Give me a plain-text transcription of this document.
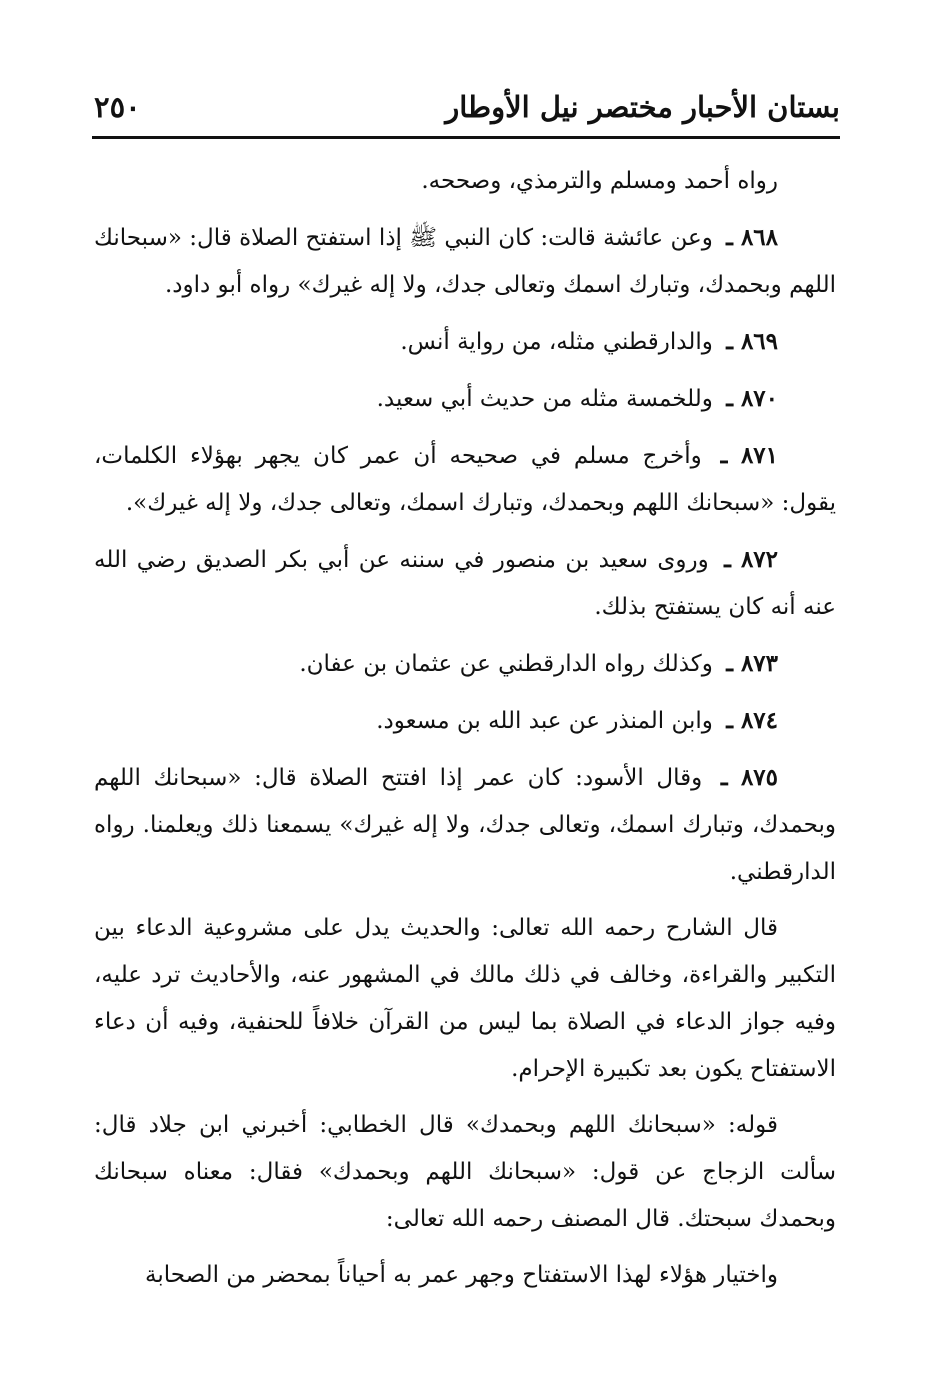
بستان الأحبار مختصر نيل الأوطار
٢٥٠

رواه أحمد ومسلم والترمذي، وصححه.

٨٦٨ ـ وعن عائشة قالت: كان النبي ﷺ إذا استفتح الصلاة قال: «سبحانك اللهم وبحمدك، وتبارك اسمك وتعالى جدك، ولا إله غيرك» رواه أبو داود.

٨٦٩ ـ والدارقطني مثله، من رواية أنس.

٨٧٠ ـ وللخمسة مثله من حديث أبي سعيد.

٨٧١ ـ وأخرج مسلم في صحيحه أن عمر كان يجهر بهؤلاء الكلمات، يقول: «سبحانك اللهم وبحمدك، وتبارك اسمك، وتعالى جدك، ولا إله غيرك».

٨٧٢ ـ وروى سعيد بن منصور في سننه عن أبي بكر الصديق رضي الله عنه أنه كان يستفتح بذلك.

٨٧٣ ـ وكذلك رواه الدارقطني عن عثمان بن عفان.

٨٧٤ ـ وابن المنذر عن عبد الله بن مسعود.

٨٧٥ ـ وقال الأسود: كان عمر إذا افتتح الصلاة قال: «سبحانك اللهم وبحمدك، وتبارك اسمك، وتعالى جدك، ولا إله غيرك» يسمعنا ذلك ويعلمنا. رواه الدارقطني.

قال الشارح رحمه الله تعالى: والحديث يدل على مشروعية الدعاء بين التكبير والقراءة، وخالف في ذلك مالك في المشهور عنه، والأحاديث ترد عليه، وفيه جواز الدعاء في الصلاة بما ليس من القرآن خلافاً للحنفية، وفيه أن دعاء الاستفتاح يكون بعد تكبيرة الإحرام.

قوله: «سبحانك اللهم وبحمدك» قال الخطابي: أخبرني ابن جلاد قال: سألت الزجاج عن قول: «سبحانك اللهم وبحمدك» فقال: معناه سبحانك وبحمدك سبحتك. قال المصنف رحمه الله تعالى:

واختيار هؤلاء لهذا الاستفتاح وجهر عمر به أحياناً بمحضر من الصحابة
